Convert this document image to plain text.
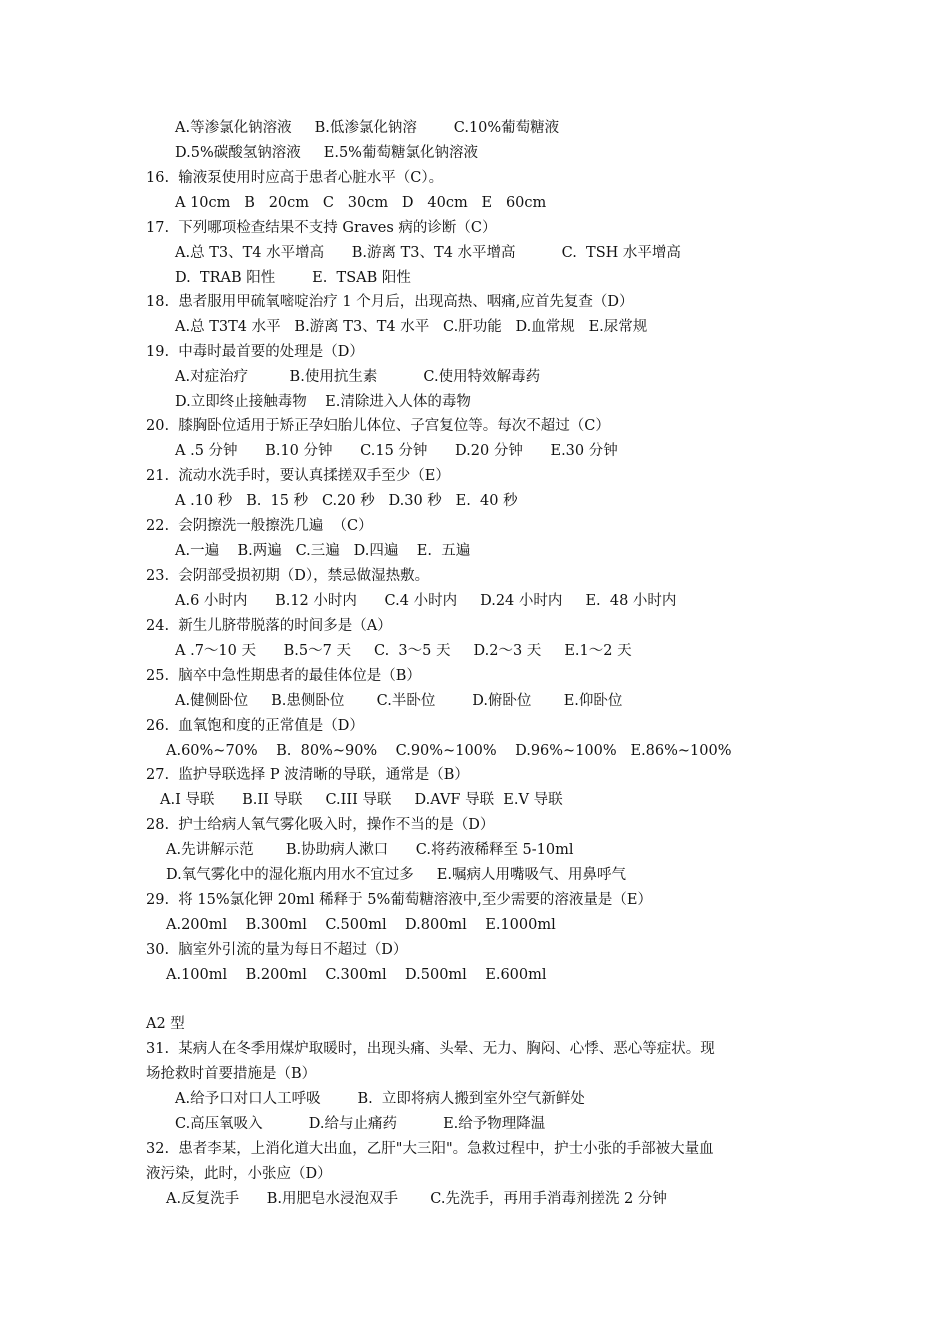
A.等渗氯化钠溶液     B.低渗氯化钠溶        C.10%葡萄糖液
D.5%碳酸氢钠溶液     E.5%葡萄糖氯化钠溶液
16.  输液泵使用时应高于患者心脏水平（C）。
A 10cm   B   20cm   C   30cm   D   40cm   E   60cm
17.  下列哪项检查结果不支持 Graves 病的诊断（C）
A.总 T3、T4 水平增高      B.游离 T3、T4 水平增高          C.  TSH 水平增高
D.  TRAB 阳性        E.  TSAB 阳性
18.  患者服用甲硫氧嘧啶治疗 1 个月后，出现高热、咽痛,应首先复查（D）
A.总 T3T4 水平   B.游离 T3、T4 水平   C.肝功能   D.血常规   E.尿常规
19.  中毒时最首要的处理是（D）
A.对症治疗         B.使用抗生素          C.使用特效解毒药
D.立即终止接触毒物    E.清除进入人体的毒物
20.  膝胸卧位适用于矫正孕妇胎儿体位、子宫复位等。每次不超过（C）
A .5 分钟      B.10 分钟      C.15 分钟      D.20 分钟      E.30 分钟
21.  流动水洗手时，要认真揉搓双手至少（E）
A .10 秒   B.  15 秒   C.20 秒   D.30 秒   E.  40 秒
22.  会阴擦洗一般擦洗几遍  （C）
A.一遍    B.两遍   C.三遍   D.四遍    E.  五遍
23.  会阴部受损初期（D），禁忌做湿热敷。
A.6 小时内      B.12 小时内      C.4 小时内     D.24 小时内     E.  48 小时内
24.  新生儿脐带脱落的时间多是（A）
A .7～10 天      B.5～7 天     C.  3～5 天     D.2～3 天     E.1～2 天
25.  脑卒中急性期患者的最佳体位是（B）
A.健侧卧位     B.患侧卧位       C.半卧位        D.俯卧位       E.仰卧位
26.  血氧饱和度的正常值是（D）
A.60%~70%    B.  80%~90%    C.90%~100%    D.96%~100%   E.86%~100%
27.  监护导联选择 P 波清晰的导联，通常是（B）
A.I 导联      B.II 导联     C.III 导联     D.AVF 导联  E.V 导联
28.  护士给病人氧气雾化吸入时，操作不当的是（D）
A.先讲解示范       B.协助病人漱口      C.将药液稀释至 5-10ml
D.氧气雾化中的湿化瓶内用水不宜过多     E.嘱病人用嘴吸气、用鼻呼气
29.  将 15%氯化钾 20ml 稀释于 5%葡萄糖溶液中,至少需要的溶液量是（E）
A.200ml    B.300ml    C.500ml    D.800ml    E.1000ml
30.  脑室外引流的量为每日不超过（D）
A.100ml    B.200ml    C.300ml    D.500ml    E.600ml
A2 型
31.  某病人在冬季用煤炉取暖时，出现头痛、头晕、无力、胸闷、心悸、恶心等症状。现
场抢救时首要措施是（B）
A.给予口对口人工呼吸        B.  立即将病人搬到室外空气新鲜处
C.高压氧吸入          D.给与止痛药          E.给予物理降温
32.  患者李某，上消化道大出血，乙肝"大三阳"。急救过程中，护士小张的手部被大量血
液污染，此时，小张应（D）
A.反复洗手      B.用肥皂水浸泡双手       C.先洗手，再用手消毒剂搓洗 2 分钟
